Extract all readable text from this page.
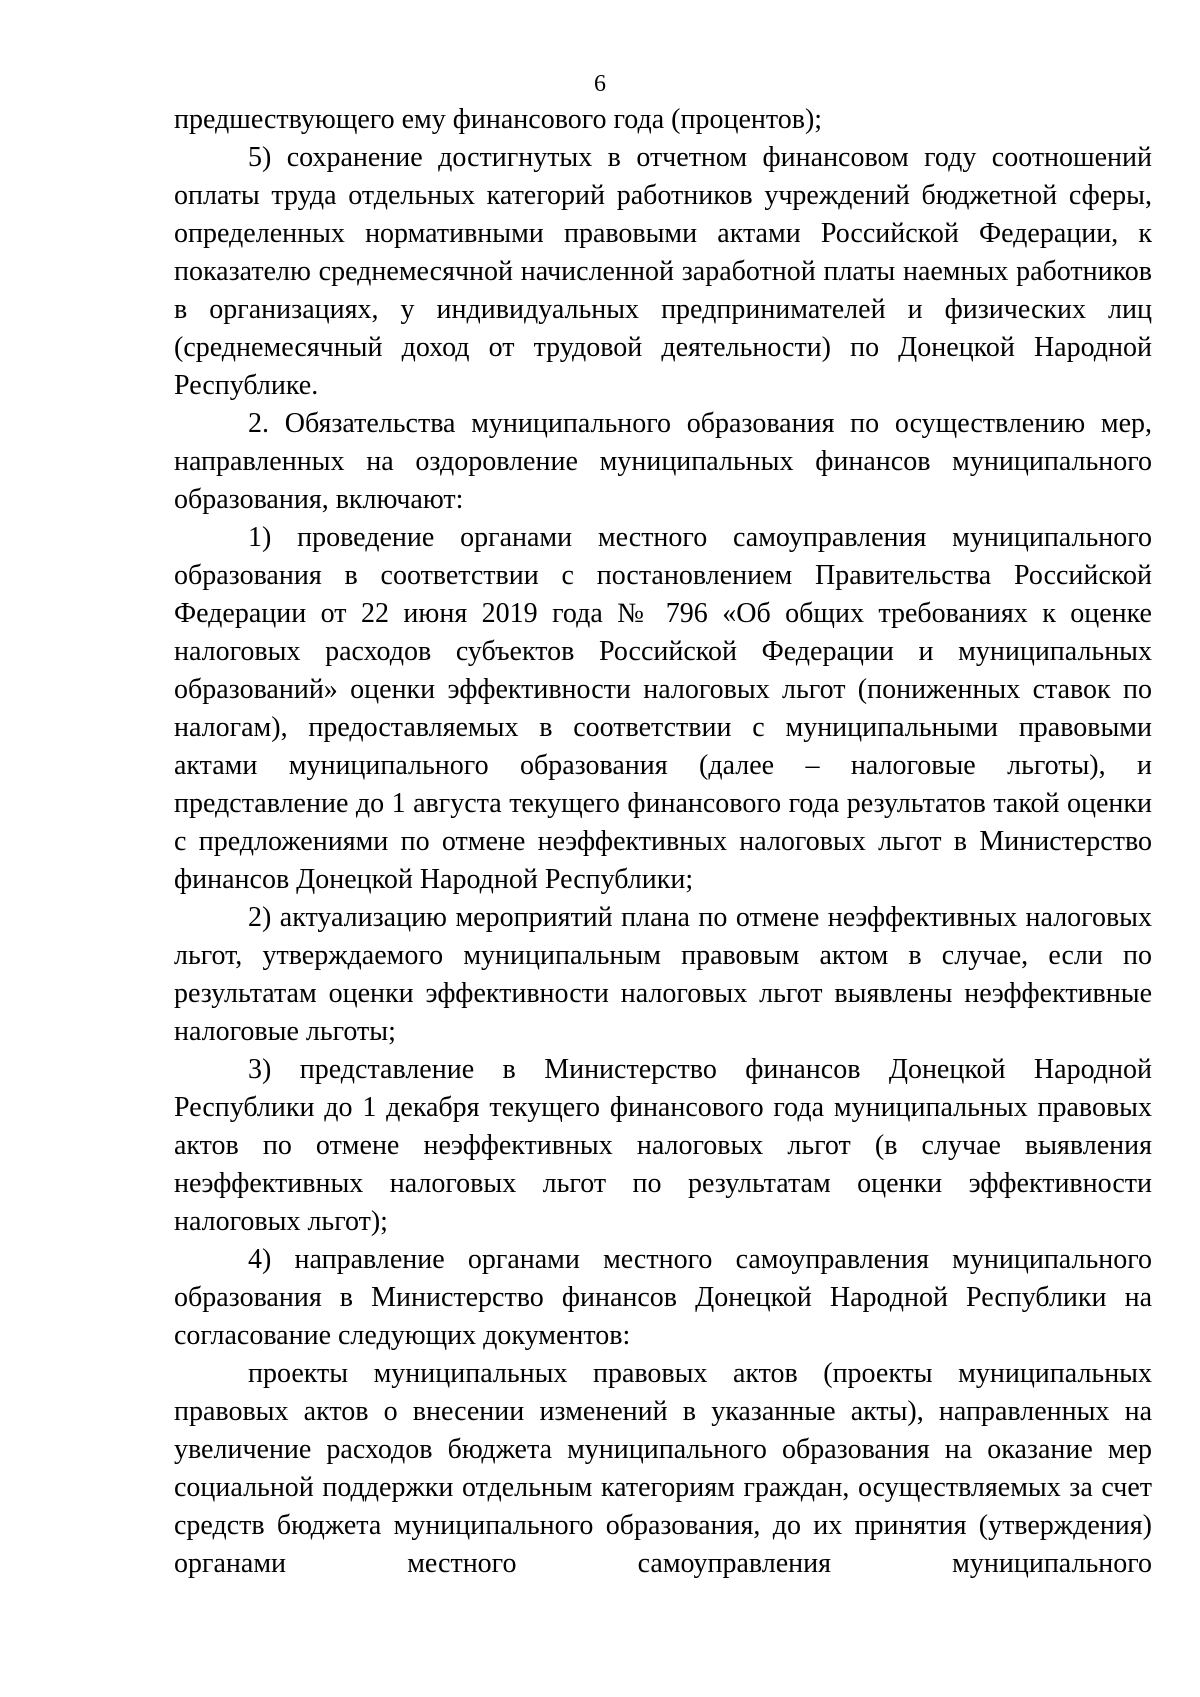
6

предшествующего ему финансового года (процентов);

5) сохранение достигнутых в отчетном финансовом году соотношений оплаты труда отдельных категорий работников учреждений бюджетной сферы, определенных нормативными правовыми актами Российской Федерации, к показателю среднемесячной начисленной заработной платы наемных работников в организациях, у индивидуальных предпринимателей и физических лиц (среднемесячный доход от трудовой деятельности) по Донецкой Народной Республике.

2. Обязательства муниципального образования по осуществлению мер, направленных на оздоровление муниципальных финансов муниципального образования, включают:

1) проведение органами местного самоуправления муниципального образования в соответствии с постановлением Правительства Российской Федерации от 22 июня 2019 года № 796 «Об общих требованиях к оценке налоговых расходов субъектов Российской Федерации и муниципальных образований» оценки эффективности налоговых льгот (пониженных ставок по налогам), предоставляемых в соответствии с муниципальными правовыми актами муниципального образования (далее – налоговые льготы), и представление до 1 августа текущего финансового года результатов такой оценки с предложениями по отмене неэффективных налоговых льгот в Министерство финансов Донецкой Народной Республики;

2) актуализацию мероприятий плана по отмене неэффективных налоговых льгот, утверждаемого муниципальным правовым актом в случае, если по результатам оценки эффективности налоговых льгот выявлены неэффективные налоговые льготы;

3) представление в Министерство финансов Донецкой Народной Республики до 1 декабря текущего финансового года муниципальных правовых актов по отмене неэффективных налоговых льгот (в случае выявления неэффективных налоговых льгот по результатам оценки эффективности налоговых льгот);

4) направление органами местного самоуправления муниципального образования в Министерство финансов Донецкой Народной Республики на согласование следующих документов:

проекты муниципальных правовых актов (проекты муниципальных правовых актов о внесении изменений в указанные акты), направленных на увеличение расходов бюджета муниципального образования на оказание мер социальной поддержки отдельным категориям граждан, осуществляемых за счет средств бюджета муниципального образования, до их принятия (утверждения) органами местного самоуправления муниципального
